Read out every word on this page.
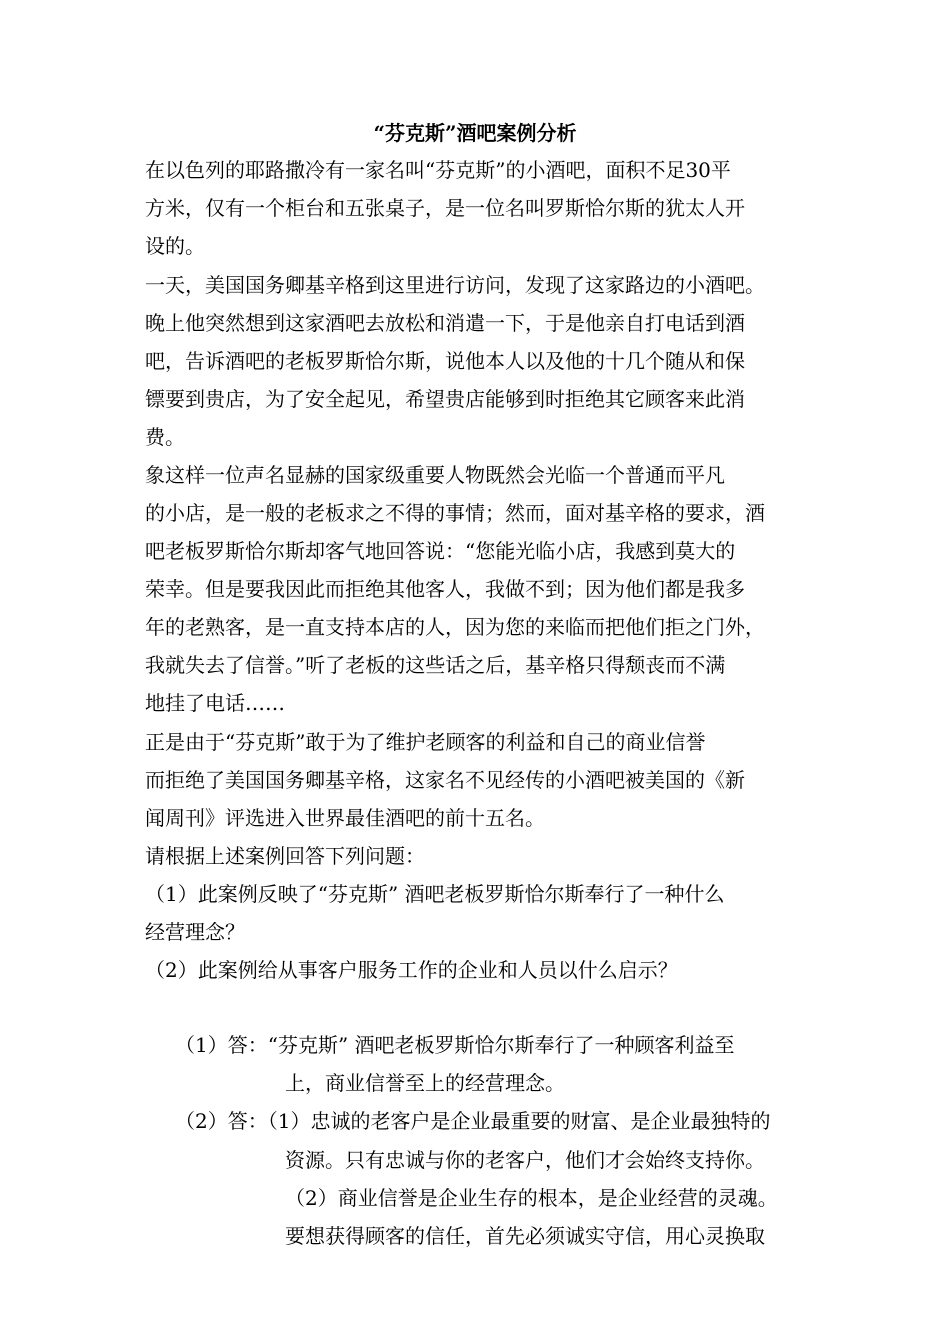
“芬克斯”酒吧案例分析
在以色列的耶路撒冷有一家名叫“芬克斯”的小酒吧，面积不足30平
方米，仅有一个柜台和五张桌子，是一位名叫罗斯恰尔斯的犹太人开
设的。
一天，美国国务卿基辛格到这里进行访问，发现了这家路边的小酒吧。
晚上他突然想到这家酒吧去放松和消遣一下，于是他亲自打电话到酒
吧，告诉酒吧的老板罗斯恰尔斯，说他本人以及他的十几个随从和保
镖要到贵店，为了安全起见，希望贵店能够到时拒绝其它顾客来此消
费。
象这样一位声名显赫的国家级重要人物既然会光临一个普通而平凡
的小店，是一般的老板求之不得的事情；然而，面对基辛格的要求，酒
吧老板罗斯恰尔斯却客气地回答说：“您能光临小店，我感到莫大的
荣幸。但是要我因此而拒绝其他客人，我做不到；因为他们都是我多
年的老熟客，是一直支持本店的人，因为您的来临而把他们拒之门外，
我就失去了信誉。”听了老板的这些话之后，基辛格只得颓丧而不满
地挂了电话……
正是由于“芬克斯”敢于为了维护老顾客的利益和自己的商业信誉
而拒绝了美国国务卿基辛格，这家名不见经传的小酒吧被美国的《新
闻周刊》评选进入世界最佳酒吧的前十五名。
请根据上述案例回答下列问题：
（1）此案例反映了“芬克斯” 酒吧老板罗斯恰尔斯奉行了一种什么
经营理念？
（2）此案例给从事客户服务工作的企业和人员以什么启示？
（1）答：“芬克斯” 酒吧老板罗斯恰尔斯奉行了一种顾客利益至
上，商业信誉至上的经营理念。
（2）答：（1）忠诚的老客户是企业最重要的财富、是企业最独特的
资源。只有忠诚与你的老客户，他们才会始终支持你。
（2）商业信誉是企业生存的根本，是企业经营的灵魂。
要想获得顾客的信任，首先必须诚实守信，用心灵换取
